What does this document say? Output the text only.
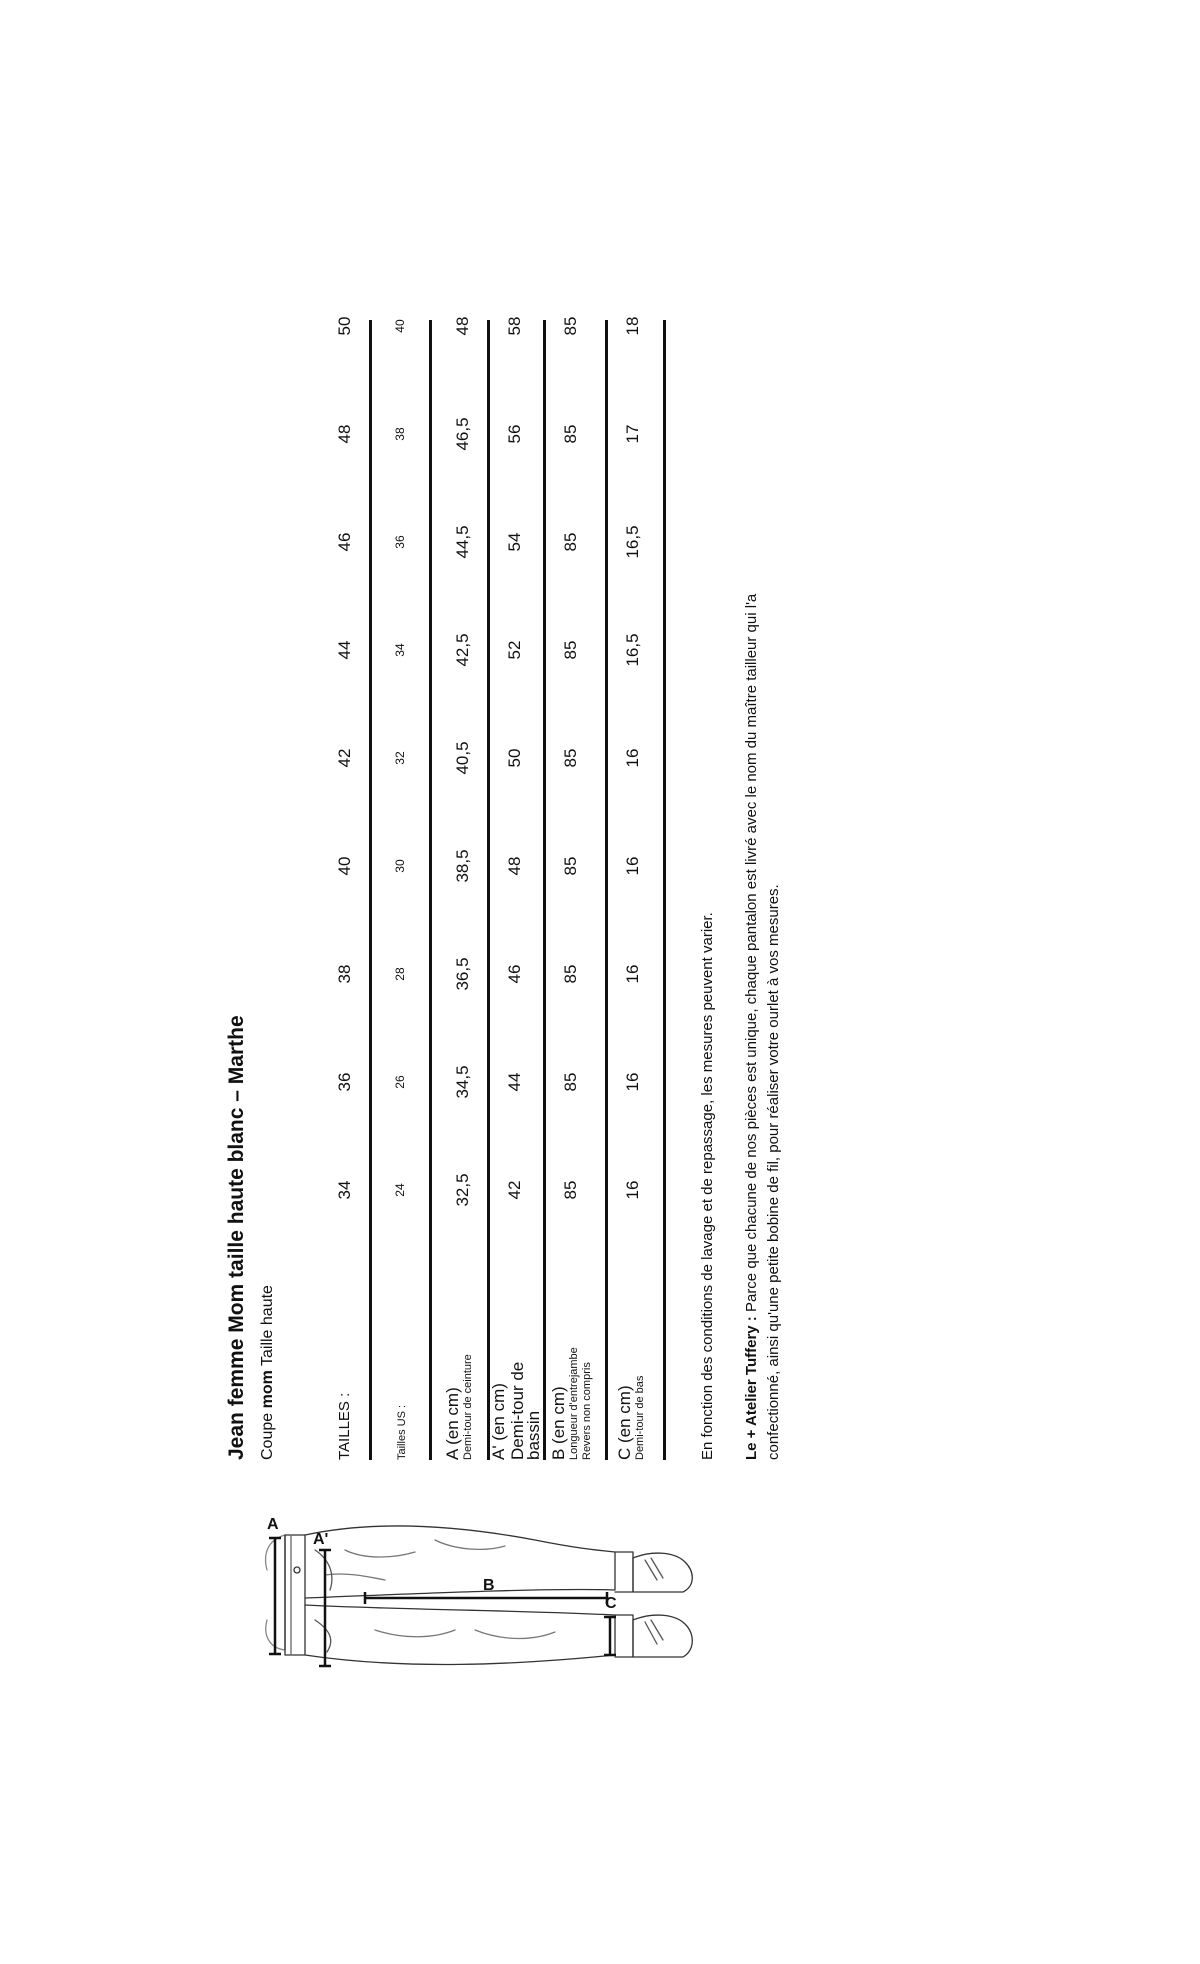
Jean femme Mom taille haute blanc – Marthe Coupe mom Taille haute
TAILLES :
34
36
38
40
42
44
46
48
50
Tailles US :
24
26
28
30
32
34
36
38
40
A (en cm) Demi-tour de ceinture
32,5
34,5
36,5
38,5
40,5
42,5
44,5
46,5
48
A' (en cm) Demi-tour de
bassin
42
44
46
48
50
52
54
56
58
B (en cm) Longueur d'entrejambe Revers non compris
85
85
85
85
85
85
85
85
85
C (en cm) Demi-tour de bas
16
16
16
16
16
16,5
16,5
17
18
En fonction des conditions de lavage et de repassage, les mesures peuvent varier. Le + Atelier Tuffery : Parce que chacune de nos pièces est unique, chaque pantalon est livré avec le nom du maître tailleur qui l'a confectionné, ainsi qu'une petite bobine de fil, pour réaliser votre ourlet à vos mesures.
A
A'
B
C
